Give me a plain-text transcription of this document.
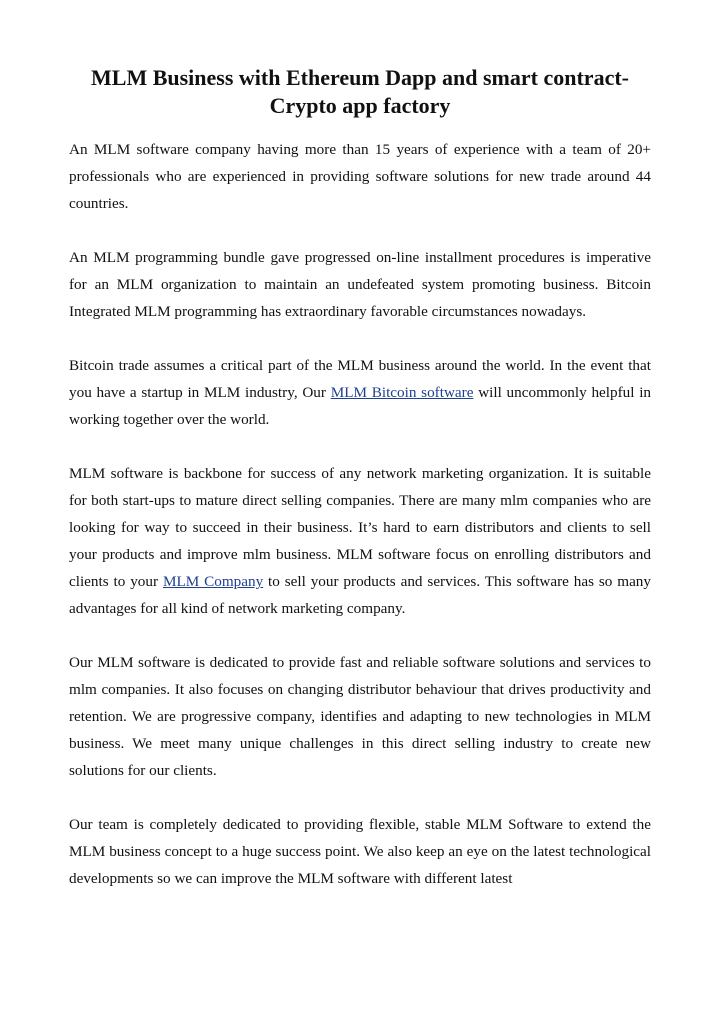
MLM Business with Ethereum Dapp and smart contract-
Crypto app factory

An MLM software company having more than 15 years of experience with a team of 20+ professionals who are experienced in providing software solutions for new trade around 44 countries.

An MLM programming bundle gave progressed on-line installment procedures is imperative for an MLM organization to maintain an undefeated system promoting business. Bitcoin Integrated MLM programming has extraordinary favorable circumstances nowadays.

Bitcoin trade assumes a critical part of the MLM business around the world. In the event that you have a startup in MLM industry, Our MLM Bitcoin software will uncommonly helpful in working together over the world.

MLM software is backbone for success of any network marketing organization. It is suitable for both start-ups to mature direct selling companies. There are many mlm companies who are looking for way to succeed in their business. It’s hard to earn distributors and clients to sell your products and improve mlm business. MLM software focus on enrolling distributors and clients to your MLM Company to sell your products and services. This software has so many advantages for all kind of network marketing company.

Our MLM software is dedicated to provide fast and reliable software solutions and services to mlm companies. It also focuses on changing distributor behaviour that drives productivity and retention. We are progressive company, identifies and adapting to new technologies in MLM business. We meet many unique challenges in this direct selling industry to create new solutions for our clients.

Our team is completely dedicated to providing flexible, stable MLM Software to extend the MLM business concept to a huge success point. We also keep an eye on the latest technological developments so we can improve the MLM software with different latest
